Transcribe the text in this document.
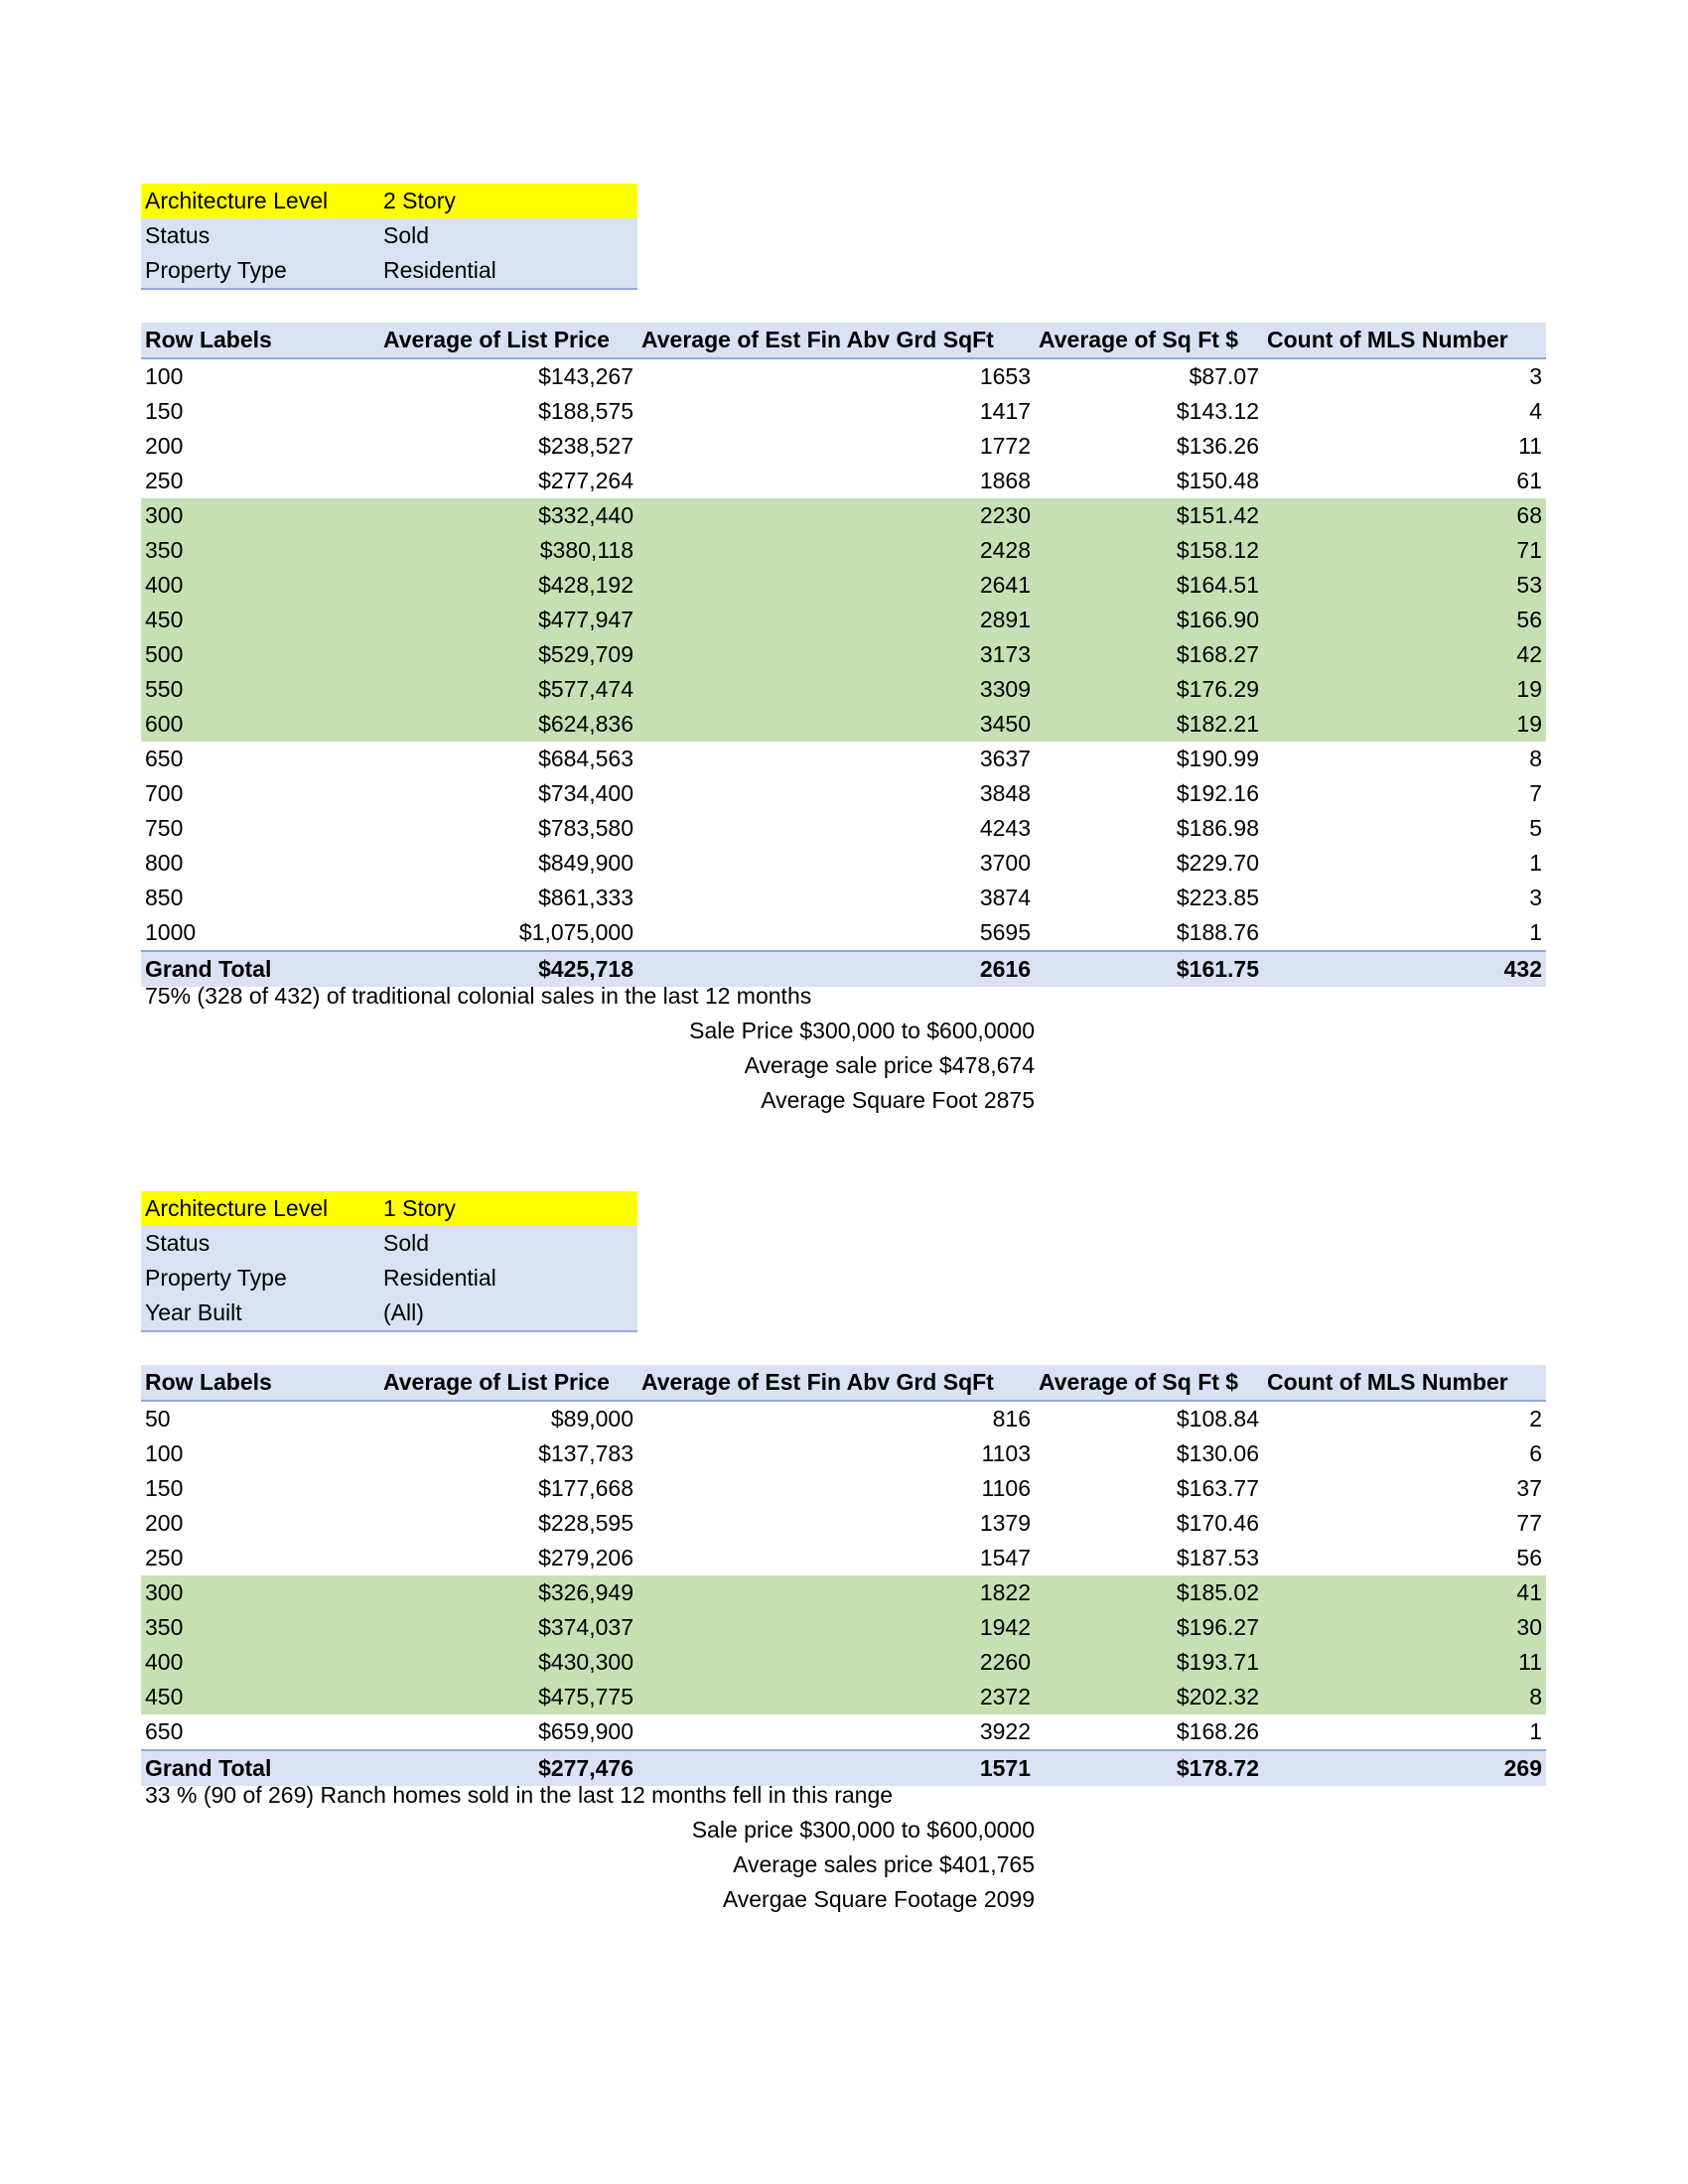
Architecture Level	2 Story
Status	Sold
Property Type	Residential
Row Labels	Average of List Price	Average of Est Fin Abv Grd SqFt	Average of Sq Ft $	Count of MLS Number
100	$143,267	1653	$87.07	3
150	$188,575	1417	$143.12	4
200	$238,527	1772	$136.26	11
250	$277,264	1868	$150.48	61
300	$332,440	2230	$151.42	68
350	$380,118	2428	$158.12	71
400	$428,192	2641	$164.51	53
450	$477,947	2891	$166.90	56
500	$529,709	3173	$168.27	42
550	$577,474	3309	$176.29	19
600	$624,836	3450	$182.21	19
650	$684,563	3637	$190.99	8
700	$734,400	3848	$192.16	7
750	$783,580	4243	$186.98	5
800	$849,900	3700	$229.70	1
850	$861,333	3874	$223.85	3
1000	$1,075,000	5695	$188.76	1
Grand Total	$425,718	2616	$161.75	432
75% (328 of 432) of traditional colonial sales in the last 12 months
Sale Price $300,000 to $600,0000
Average sale price $478,674
Average Square Foot 2875
Architecture Level	1 Story
Status	Sold
Property Type	Residential
Year Built	(All)
Row Labels	Average of List Price	Average of Est Fin Abv Grd SqFt	Average of Sq Ft $	Count of MLS Number
50	$89,000	816	$108.84	2
100	$137,783	1103	$130.06	6
150	$177,668	1106	$163.77	37
200	$228,595	1379	$170.46	77
250	$279,206	1547	$187.53	56
300	$326,949	1822	$185.02	41
350	$374,037	1942	$196.27	30
400	$430,300	2260	$193.71	11
450	$475,775	2372	$202.32	8
650	$659,900	3922	$168.26	1
Grand Total	$277,476	1571	$178.72	269
33 % (90 of 269) Ranch homes sold in the last 12 months fell in this range
Sale price $300,000 to $600,0000
Average sales price $401,765
Avergae Square Footage 2099
